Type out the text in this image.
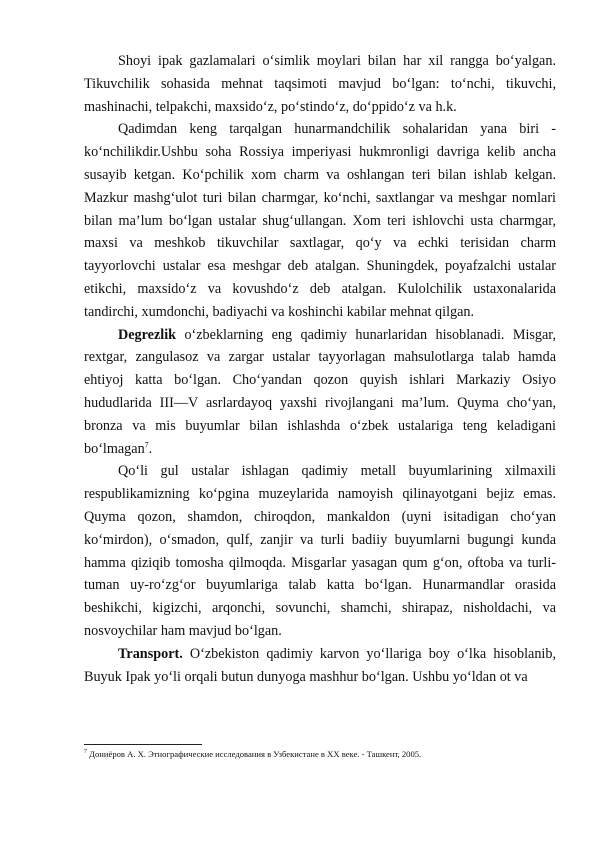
Shoyi ipak gazlamalari o‘simlik moylari bilan har xil rangga bo‘yalgan. Tikuvchilik sohasida mehnat taqsimoti mavjud bo‘lgan: to‘nchi, tikuvchi, mashinachi, telpakchi, maxsido‘z, po‘stindo‘z, do‘ppido‘z va h.k.

Qadimdan keng tarqalgan hunarmandchilik sohalaridan yana biri - ko‘nchilikdir.Ushbu soha Rossiya imperiyasi hukmronligi davriga kelib ancha susayib ketgan. Ko‘pchilik xom charm va oshlangan teri bilan ishlab kelgan. Mazkur mashg‘ulot turi bilan charmgar, ko‘nchi, saxtlangar va meshgar nomlari bilan ma’lum bo‘lgan ustalar shug‘ullangan. Xom teri ishlovchi usta charmgar, maxsi va meshkob tikuvchilar saxtlagar, qo‘y va echki terisidan charm tayyorlovchi ustalar esa meshgar deb atalgan. Shuningdek, poyafzalchi ustalar etikchi, maxsido‘z va kovushdo‘z deb atalgan. Kulolchilik ustaxonalarida tandirchi, xumdonchi, badiyachi va koshinchi kabilar mehnat qilgan.

Degrezlik o‘zbeklarning eng qadimiy hunarlaridan hisoblanadi. Misgar, rextgar, zangulasoz va zargar ustalar tayyorlagan mahsulotlarga talab hamda ehtiyoj katta bo‘lgan. Cho‘yandan qozon quyish ishlari Markaziy Osiyo hududlarida III—V asrlardayoq yaxshi rivojlangani ma’lum. Quyma cho‘yan, bronza va mis buyumlar bilan ishlashda o‘zbek ustalariga teng keladigani bo‘lmagan$^7$.

Qo‘li gul ustalar ishlagan qadimiy metall buyumlarining xilmaxili respublikamizning ko‘pgina muzeylarida namoyish qilinayotgani bejiz emas. Quyma qozon, shamdon, chiroqdon, mankaldon (uyni isitadigan cho‘yan ko‘mirdon), o‘smadon, qulf, zanjir va turli badiiy buyumlarni bugungi kunda hamma qiziqib tomosha qilmoqda. Misgarlar yasagan qum g‘on, oftoba va turli-tuman uy-ro‘zg‘or buyumlariga talab katta bo‘lgan. Hunarmandlar orasida beshikchi, kigizchi, arqonchi, sovunchi, shamchi, shirapaz, nisholdachi, va nosvoychilar ham mavjud bo‘lgan.

Transport. O‘zbekiston qadimiy karvon yo‘llariga boy o‘lka hisoblanib, Buyuk Ipak yo‘li orqali butun dunyoga mashhur bo‘lgan. Ushbu yo‘ldan ot va

$^7$ Дониёров А. Х. Этнографические исследования в Узбекистане в XX веке. - Ташкент, 2005.
